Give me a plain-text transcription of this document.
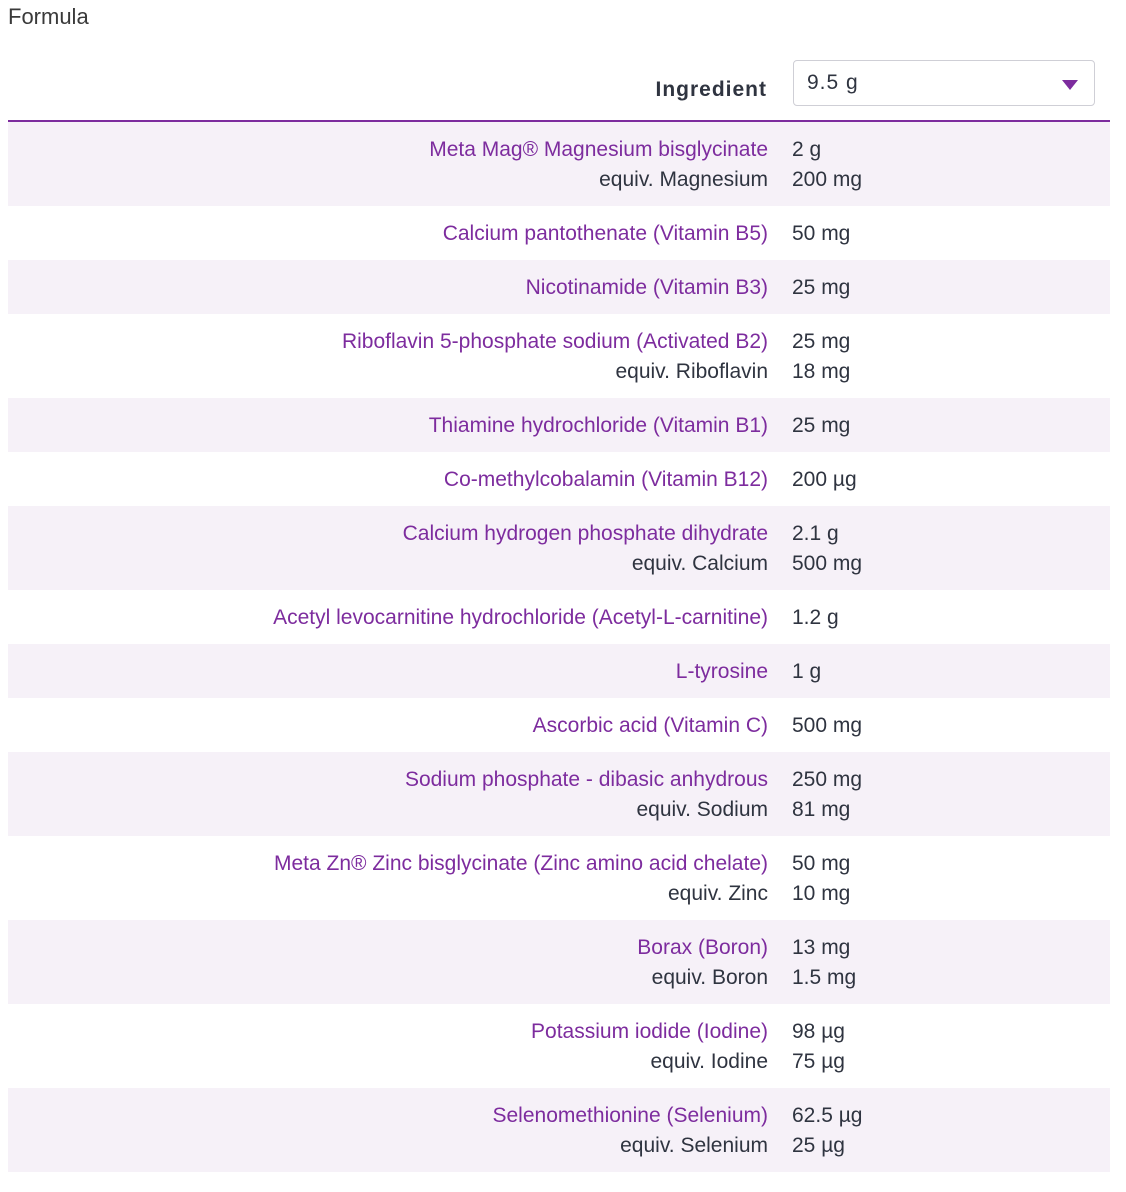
Formula
Ingredient 9.5 g
Meta Mag® Magnesium bisglycinate
equiv. Magnesium
2 g
200 mg
Calcium pantothenate (Vitamin B5) 50 mg
Nicotinamide (Vitamin B3) 25 mg
Riboflavin 5-phosphate sodium (Activated B2)
equiv. Riboflavin
25 mg
18 mg
Thiamine hydrochloride (Vitamin B1) 25 mg
Co-methylcobalamin (Vitamin B12) 200 µg
Calcium hydrogen phosphate dihydrate
equiv. Calcium
2.1 g
500 mg
Acetyl levocarnitine hydrochloride (Acetyl-L-carnitine) 1.2 g
L-tyrosine 1 g
Ascorbic acid (Vitamin C) 500 mg
Sodium phosphate - dibasic anhydrous
equiv. Sodium
250 mg
81 mg
Meta Zn® Zinc bisglycinate (Zinc amino acid chelate)
equiv. Zinc
50 mg
10 mg
Borax (Boron)
equiv. Boron
13 mg
1.5 mg
Potassium iodide (Iodine)
equiv. Iodine
98 µg
75 µg
Selenomethionine (Selenium)
equiv. Selenium
62.5 µg
25 µg
